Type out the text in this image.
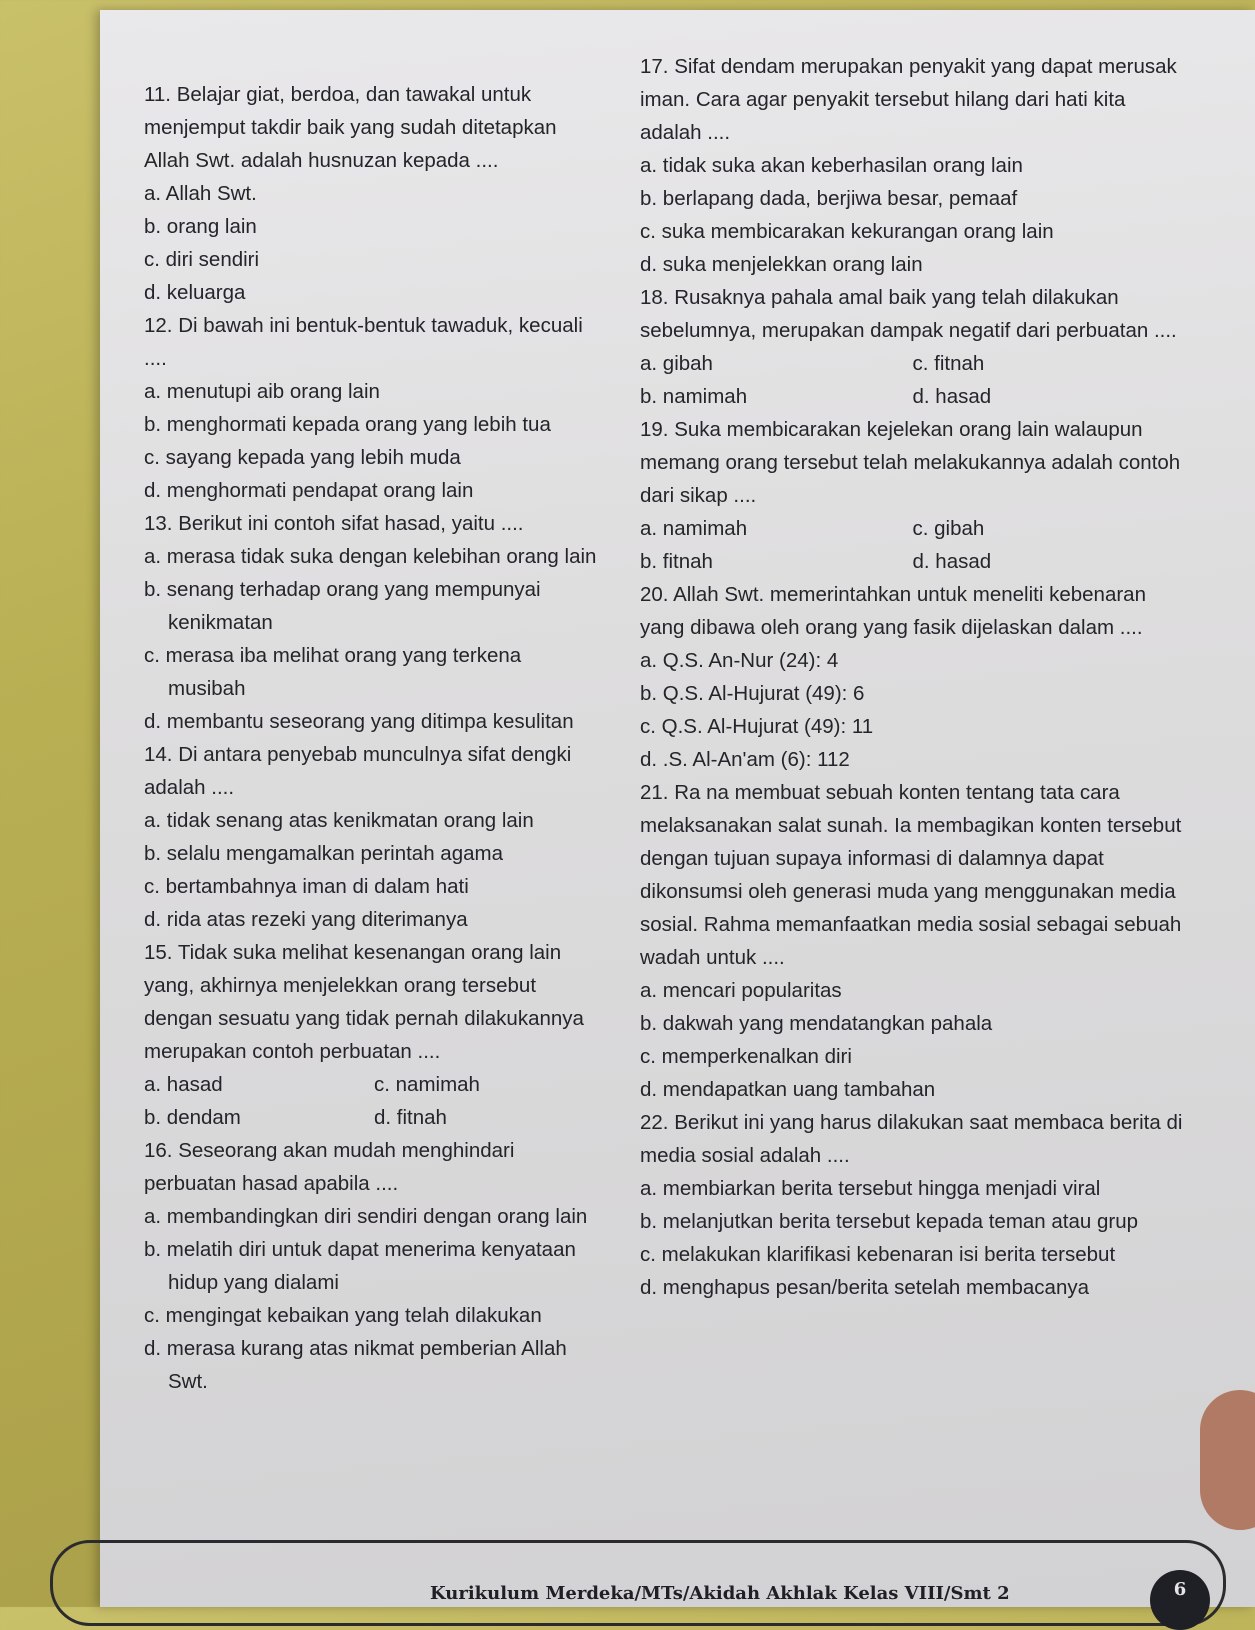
11. Belajar giat, berdoa, dan tawakal untuk menjemput takdir baik yang sudah ditetapkan Allah Swt. adalah husnuzan kepada ....
a. Allah Swt.
b. orang lain
c. diri sendiri
d. keluarga
12. Di bawah ini bentuk-bentuk tawaduk, kecuali ....
a. menutupi aib orang lain
b. menghormati kepada orang yang lebih tua
c. sayang kepada yang lebih muda
d. menghormati pendapat orang lain
13. Berikut ini contoh sifat hasad, yaitu ....
a. merasa tidak suka dengan kelebihan orang lain
b. senang terhadap orang yang mempunyai kenikmatan
c. merasa iba melihat orang yang terkena musibah
d. membantu seseorang yang ditimpa kesulitan
14. Di antara penyebab munculnya sifat dengki adalah ....
a. tidak senang atas kenikmatan orang lain
b. selalu mengamalkan perintah agama
c. bertambahnya iman di dalam hati
d. rida atas rezeki yang diterimanya
15. Tidak suka melihat kesenangan orang lain yang, akhirnya menjelekkan orang tersebut dengan sesuatu yang tidak pernah dilakukannya merupakan contoh perbuatan ....
a. hasad	c. namimah
b. dendam	d. fitnah
16. Seseorang akan mudah menghindari perbuatan hasad apabila ....
a. membandingkan diri sendiri dengan orang lain
b. melatih diri untuk dapat menerima kenyataan hidup yang dialami
c. mengingat kebaikan yang telah dilakukan
d. merasa kurang atas nikmat pemberian Allah Swt.
17. Sifat dendam merupakan penyakit yang dapat merusak iman. Cara agar penyakit tersebut hilang dari hati kita adalah ....
a. tidak suka akan keberhasilan orang lain
b. berlapang dada, berjiwa besar, pemaaf
c. suka membicarakan kekurangan orang lain
d. suka menjelekkan orang lain
18. Rusaknya pahala amal baik yang telah dilakukan sebelumnya, merupakan dampak negatif dari perbuatan ....
a. gibah	c. fitnah
b. namimah	d. hasad
19. Suka membicarakan kejelekan orang lain walaupun memang orang tersebut telah melakukannya adalah contoh dari sikap ....
a. namimah	c. gibah
b. fitnah	d. hasad
20. Allah Swt. memerintahkan untuk meneliti kebenaran yang dibawa oleh orang yang fasik dijelaskan dalam ....
a. Q.S. An-Nur (24): 4
b. Q.S. Al-Hujurat (49): 6
c. Q.S. Al-Hujurat (49): 11
d. .S. Al-An'am (6): 112
21. Ra na membuat sebuah konten tentang tata cara melaksanakan salat sunah. Ia membagikan konten tersebut dengan tujuan supaya informasi di dalamnya dapat dikonsumsi oleh generasi muda yang menggunakan media sosial. Rahma memanfaatkan media sosial sebagai sebuah wadah untuk ....
a. mencari popularitas
b. dakwah yang mendatangkan pahala
c. memperkenalkan diri
d. mendapatkan uang tambahan
22. Berikut ini yang harus dilakukan saat membaca berita di media sosial adalah ....
a. membiarkan berita tersebut hingga menjadi viral
b. melanjutkan berita tersebut kepada teman atau grup
c. melakukan klarifikasi kebenaran isi berita tersebut
d. menghapus pesan/berita setelah membacanya
Kurikulum Merdeka/MTs/Akidah Akhlak Kelas VIII/Smt 2	6
